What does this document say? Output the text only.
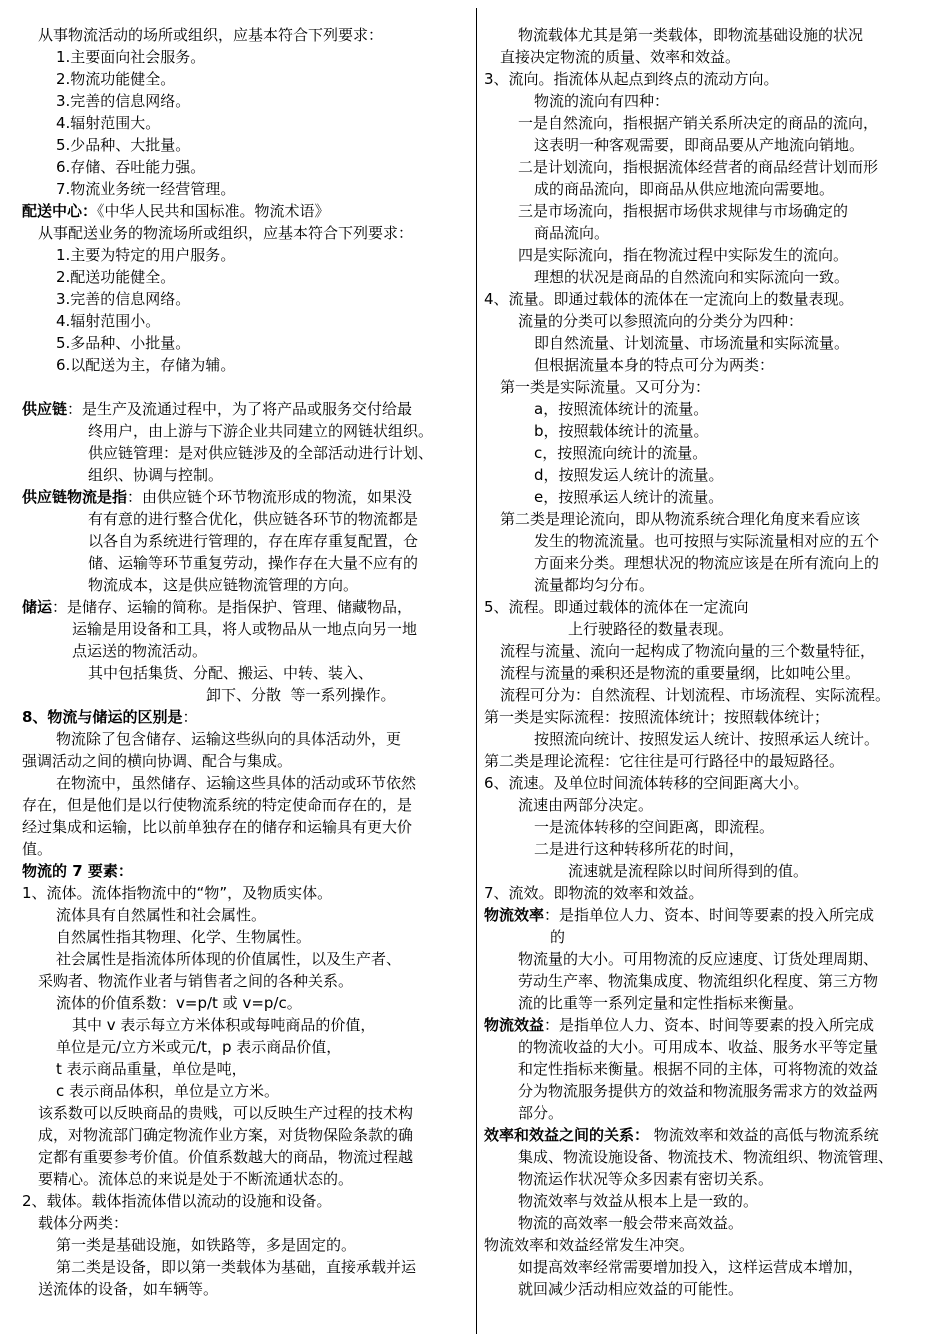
从事物流活动的场所或组织，应基本符合下列要求：
1.主要面向社会服务。
2.物流功能健全。
3.完善的信息网络。
4.辐射范围大。
5.少品种、大批量。
6.存储、吞吐能力强。
7.物流业务统一经营管理。
配送中心：《中华人民共和国标准。物流术语》
从事配送业务的物流场所或组织，应基本符合下列要求：
1.主要为特定的用户服务。
2.配送功能健全。
3.完善的信息网络。
4.辐射范围小。
5.多品种、小批量。
6.以配送为主，存储为辅。
供应链：是生产及流通过程中，为了将产品或服务交付给最
终用户，由上游与下游企业共同建立的网链状组织。
供应链管理：是对供应链涉及的全部活动进行计划、
组织、协调与控制。
供应链物流是指：由供应链个环节物流形成的物流，如果没
有有意的进行整合优化，供应链各环节的物流都是
以各自为系统进行管理的，存在库存重复配置，仓
储、运输等环节重复劳动，操作存在大量不应有的
物流成本，这是供应链物流管理的方向。
储运：是储存、运输的简称。是指保护、管理、储藏物品，
运输是用设备和工具，将人或物品从一地点向另一地
点运送的物流活动。
其中包括集货、分配、搬运、中转、装入、
卸下、分散  等一系列操作。
8、物流与储运的区别是：
物流除了包含储存、运输这些纵向的具体活动外，更
强调活动之间的横向协调、配合与集成。
在物流中，虽然储存、运输这些具体的活动或环节依然
存在，但是他们是以行使物流系统的特定使命而存在的，是
经过集成和运输，比以前单独存在的储存和运输具有更大价
值。
物流的 7 要素：
1、流体。流体指物流中的“物”，及物质实体。
流体具有自然属性和社会属性。
自然属性指其物理、化学、生物属性。
社会属性是指流体所体现的价值属性，以及生产者、
采购者、物流作业者与销售者之间的各种关系。
流体的价值系数：v=p/t 或 v=p/c。
其中 v 表示每立方米体积或每吨商品的价值，
单位是元/立方米或元/t，p 表示商品价值，
t 表示商品重量，单位是吨，
c 表示商品体积，单位是立方米。
该系数可以反映商品的贵贱，可以反映生产过程的技术构
成，对物流部门确定物流作业方案，对货物保险条款的确
定都有重要参考价值。价值系数越大的商品，物流过程越
要精心。流体总的来说是处于不断流通状态的。
2、载体。载体指流体借以流动的设施和设备。
载体分两类：
第一类是基础设施，如铁路等，多是固定的。
第二类是设备，即以第一类载体为基础，直接承载并运
送流体的设备，如车辆等。
物流载体尤其是第一类载体，即物流基础设施的状况
直接决定物流的质量、效率和效益。
3、流向。指流体从起点到终点的流动方向。
物流的流向有四种：
一是自然流向，指根据产销关系所决定的商品的流向，
这表明一种客观需要，即商品要从产地流向销地。
二是计划流向，指根据流体经营者的商品经营计划而形
成的商品流向，即商品从供应地流向需要地。
三是市场流向，指根据市场供求规律与市场确定的
商品流向。
四是实际流向，指在物流过程中实际发生的流向。
理想的状况是商品的自然流向和实际流向一致。
4、流量。即通过载体的流体在一定流向上的数量表现。
流量的分类可以参照流向的分类分为四种：
即自然流量、计划流量、市场流量和实际流量。
但根据流量本身的特点可分为两类：
第一类是实际流量。又可分为：
a，按照流体统计的流量。
b，按照载体统计的流量。
c，按照流向统计的流量。
d，按照发运人统计的流量。
e，按照承运人统计的流量。
第二类是理论流向，即从物流系统合理化角度来看应该
发生的物流流量。也可按照与实际流量相对应的五个
方面来分类。理想状况的物流应该是在所有流向上的
流量都均匀分布。
5、流程。即通过载体的流体在一定流向
上行驶路径的数量表现。
流程与流量、流向一起构成了物流向量的三个数量特征，
流程与流量的乘积还是物流的重要量纲，比如吨公里。
流程可分为：自然流程、计划流程、市场流程、实际流程。
第一类是实际流程：按照流体统计；按照载体统计；
按照流向统计、按照发运人统计、按照承运人统计。
第二类是理论流程：它往往是可行路径中的最短路径。
6、流速。及单位时间流体转移的空间距离大小。
流速由两部分决定。
一是流体转移的空间距离，即流程。
二是进行这种转移所花的时间，
流速就是流程除以时间所得到的值。
7、流效。即物流的效率和效益。
物流效率：是指单位人力、资本、时间等要素的投入所完成
的
物流量的大小。可用物流的反应速度、订货处理周期、
劳动生产率、物流集成度、物流组织化程度、第三方物
流的比重等一系列定量和定性指标来衡量。
物流效益：是指单位人力、资本、时间等要素的投入所完成
的物流收益的大小。可用成本、收益、服务水平等定量
和定性指标来衡量。根据不同的主体，可将物流的效益
分为物流服务提供方的效益和物流服务需求方的效益两
部分。
效率和效益之间的关系： 物流效率和效益的高低与物流系统
集成、物流设施设备、物流技术、物流组织、物流管理、
物流运作状况等众多因素有密切关系。
物流效率与效益从根本上是一致的。
物流的高效率一般会带来高效益。
物流效率和效益经常发生冲突。
如提高效率经常需要增加投入，这样运营成本增加，
就回减少活动相应效益的可能性。
